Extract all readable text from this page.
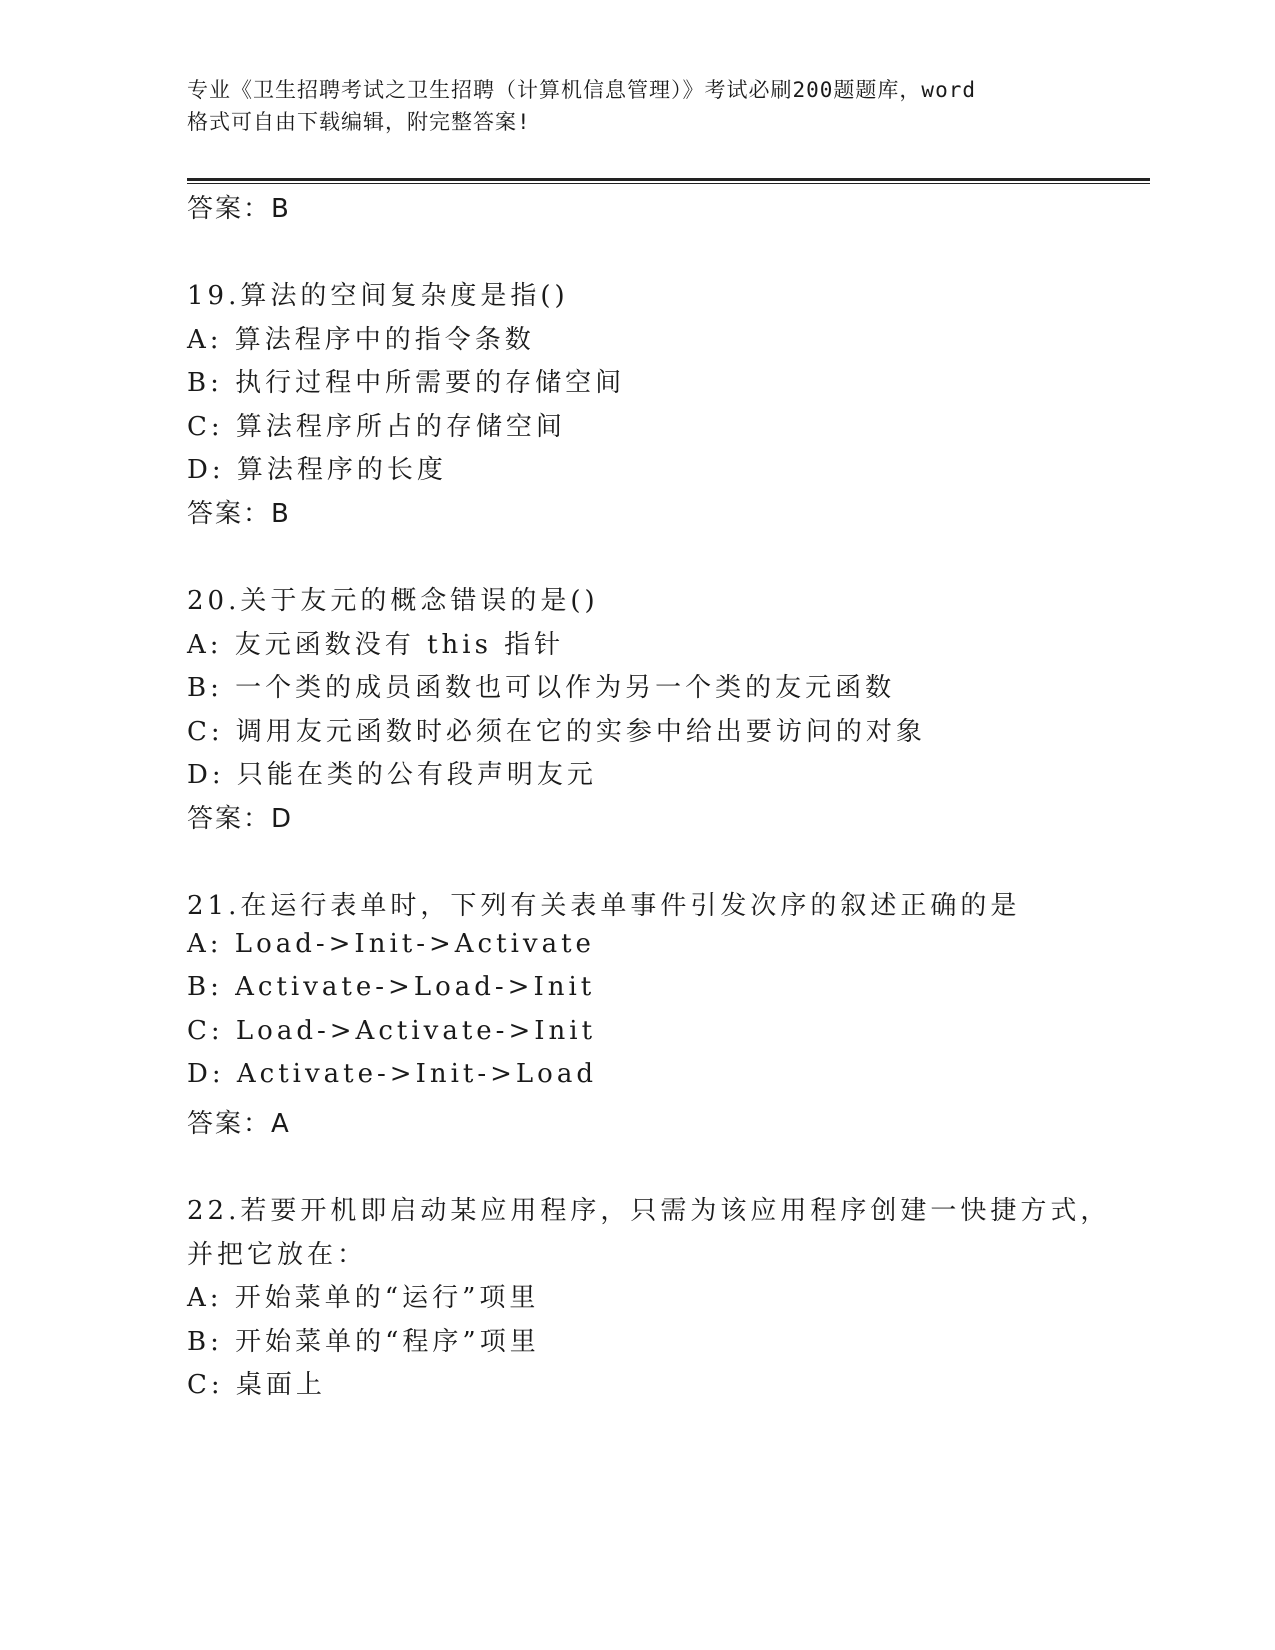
专业《卫生招聘考试之卫生招聘（计算机信息管理）》考试必刷200题题库，word
格式可自由下载编辑，附完整答案!
答案：B
19.算法的空间复杂度是指()
A: 算法程序中的指令条数
B: 执行过程中所需要的存储空间
C: 算法程序所占的存储空间
D: 算法程序的长度
答案：B
20.关于友元的概念错误的是()
A: 友元函数没有 this 指针
B: 一个类的成员函数也可以作为另一个类的友元函数
C: 调用友元函数时必须在它的实参中给出要访问的对象
D: 只能在类的公有段声明友元
答案：D
21.在运行表单时，下列有关表单事件引发次序的叙述正确的是
A: Load->Init->Activate
B: Activate->Load->Init
C: Load->Activate->Init
D: Activate->Init->Load
答案：A
22.若要开机即启动某应用程序，只需为该应用程序创建一快捷方式，
并把它放在：
A: 开始菜单的“运行”项里
B: 开始菜单的“程序”项里
C: 桌面上
